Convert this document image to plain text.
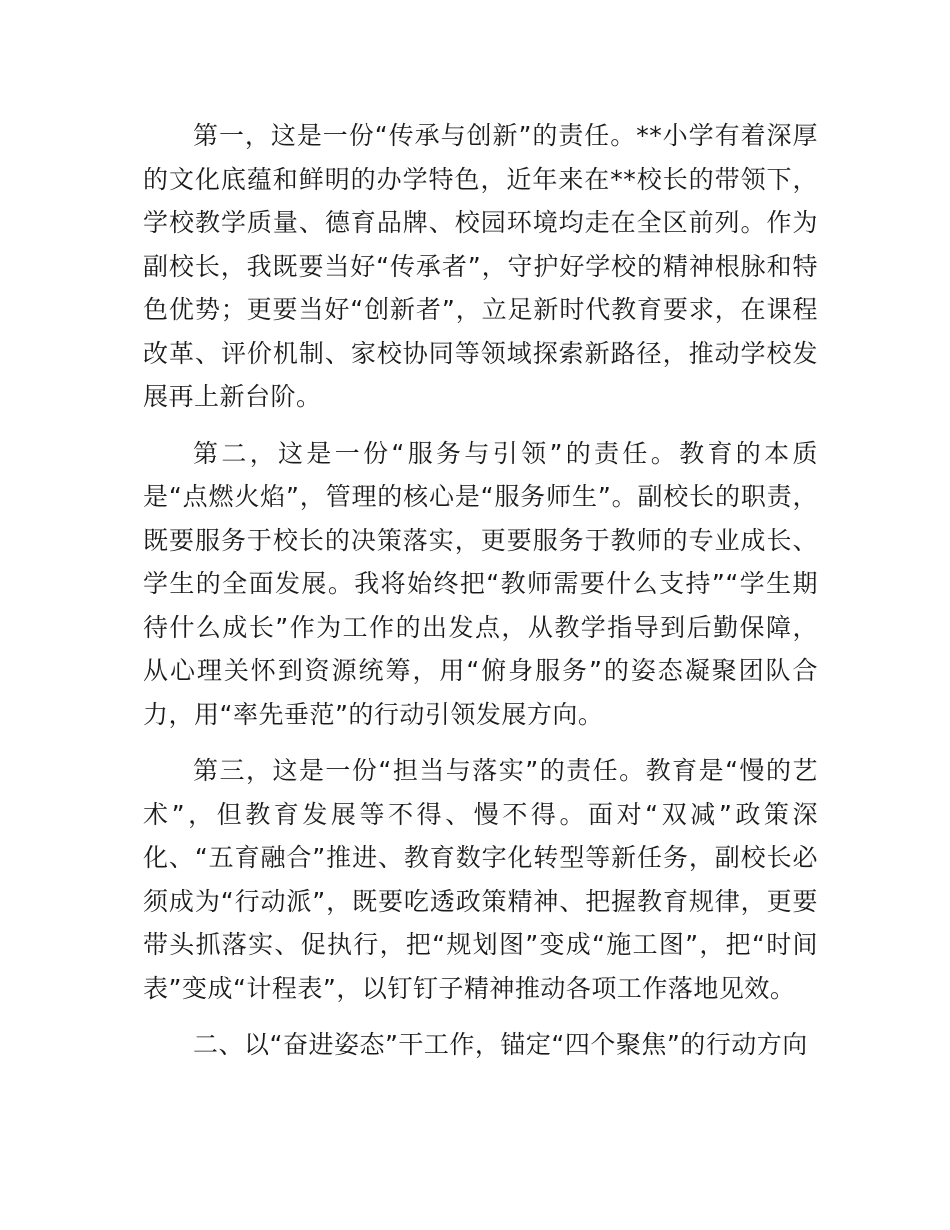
第一，这是一份“传承与创新”的责任。**小学有着深厚的文化底蕴和鲜明的办学特色，近年来在**校长的带领下，学校教学质量、德育品牌、校园环境均走在全区前列。作为副校长，我既要当好“传承者”，守护好学校的精神根脉和特色优势；更要当好“创新者”，立足新时代教育要求，在课程改革、评价机制、家校协同等领域探索新路径，推动学校发展再上新台阶。

第二，这是一份“服务与引领”的责任。教育的本质是“点燃火焰”，管理的核心是“服务师生”。副校长的职责，既要服务于校长的决策落实，更要服务于教师的专业成长、学生的全面发展。我将始终把“教师需要什么支持”“学生期待什么成长”作为工作的出发点，从教学指导到后勤保障，从心理关怀到资源统筹，用“俯身服务”的姿态凝聚团队合力，用“率先垂范”的行动引领发展方向。

第三，这是一份“担当与落实”的责任。教育是“慢的艺术”，但教育发展等不得、慢不得。面对“双减”政策深化、“五育融合”推进、教育数字化转型等新任务，副校长必须成为“行动派”，既要吃透政策精神、把握教育规律，更要带头抓落实、促执行，把“规划图”变成“施工图”，把“时间表”变成“计程表”，以钉钉子精神推动各项工作落地见效。

二、以“奋进姿态”干工作，锚定“四个聚焦”的行动方向
